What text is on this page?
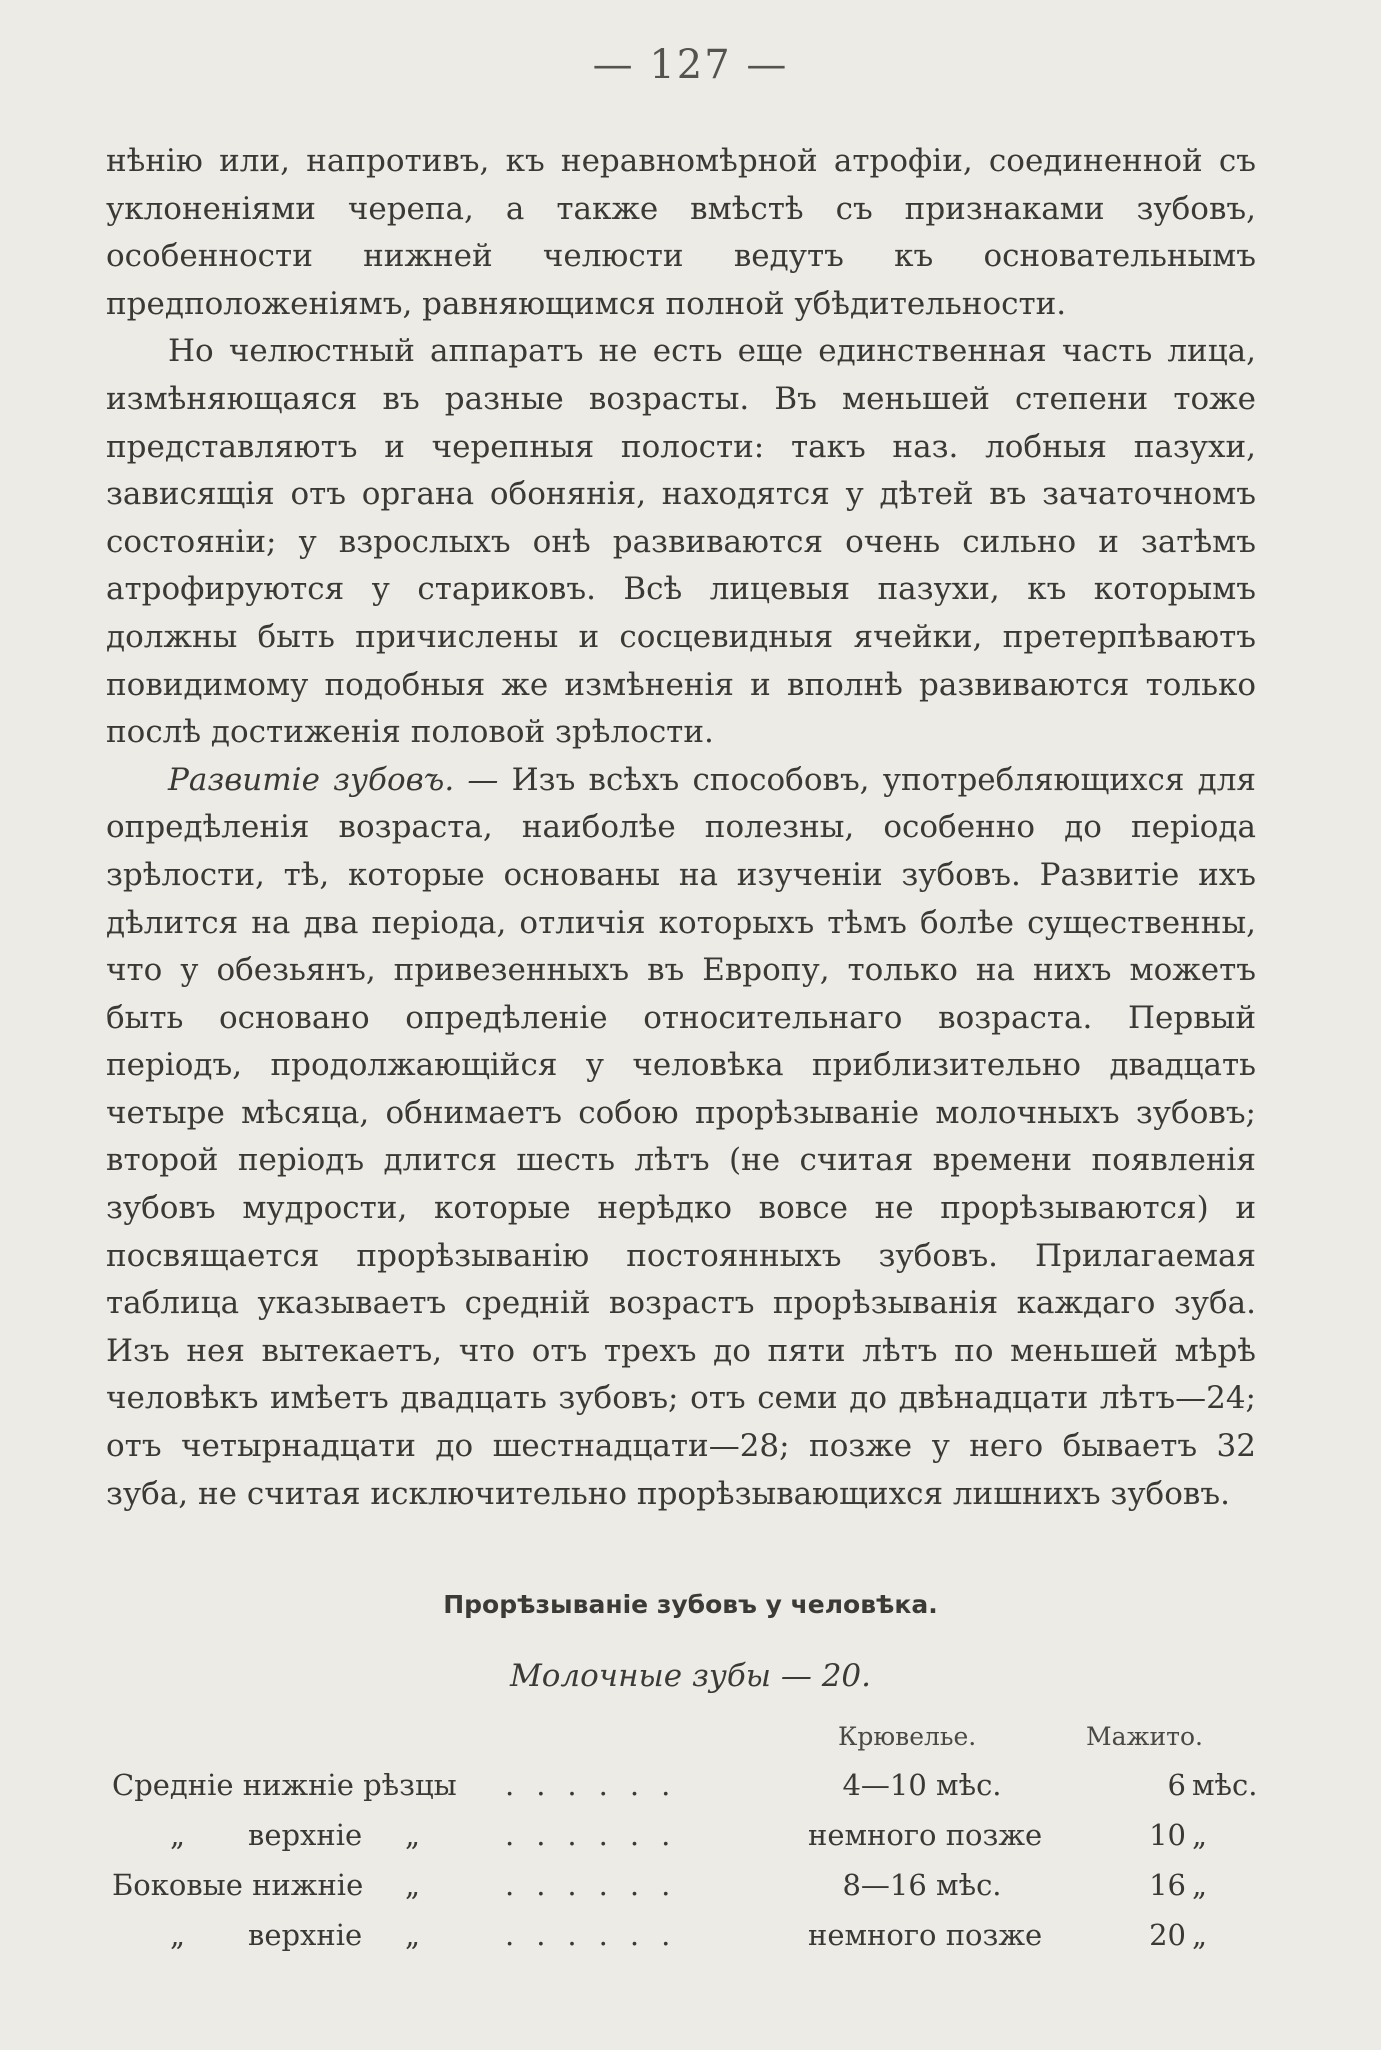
— 127 —

нѣнію или, напротивъ, къ неравномѣрной атрофіи, соединенной съ уклоненіями черепа, а также вмѣстѣ съ признаками зубовъ, особенности нижней челюсти ведутъ къ основательнымъ предположеніямъ, равняющимся полной убѣдительности.

Но челюстный аппаратъ не есть еще единственная часть лица, измѣняющаяся въ разные возрасты. Въ меньшей степени тоже представляютъ и черепныя полости: такъ наз. лобныя пазухи, зависящія отъ органа обонянія, находятся у дѣтей въ зачаточномъ состояніи; у взрослыхъ онѣ развиваются очень сильно и затѣмъ атрофируются у стариковъ. Всѣ лицевыя пазухи, къ которымъ должны быть причислены и сосцевидныя ячейки, претерпѣваютъ повидимому подобныя же измѣненія и вполнѣ развиваются только послѣ достиженія половой зрѣлости.

Развитіе зубовъ. — Изъ всѣхъ способовъ, употребляющихся для опредѣленія возраста, наиболѣе полезны, особенно до періода зрѣлости, тѣ, которые основаны на изученіи зубовъ. Развитіе ихъ дѣлится на два періода, отличія которыхъ тѣмъ болѣе существенны, что у обезьянъ, привезенныхъ въ Европу, только на нихъ можетъ быть основано опредѣленіе относительнаго возраста. Первый періодъ, продолжающійся у человѣка приблизительно двадцать четыре мѣсяца, обнимаетъ собою прорѣзываніе молочныхъ зубовъ; второй періодъ длится шесть лѣтъ (не считая времени появленія зубовъ мудрости, которые нерѣдко вовсе не прорѣзываются) и посвящается прорѣзыванію постоянныхъ зубовъ. Прилагаемая таблица указываетъ средній возрастъ прорѣзыванія каждаго зуба. Изъ нея вытекаетъ, что отъ трехъ до пяти лѣтъ по меньшей мѣрѣ человѣкъ имѣетъ двадцать зубовъ; отъ семи до двѣнадцати лѣтъ—24; отъ четырнадцати до шестнадцати—28; позже у него бываетъ 32 зуба, не считая исключительно прорѣзывающихся лишнихъ зубовъ.

Прорѣзываніе зубовъ у человѣка.
Молочные зубы — 20.
Крювелье.	Мажито.
Средніе нижніе рѣзцы ......	4—10 мѣс.	6 мѣс.
„ верхніе „	......	немного позже	10 „
Боковые нижніе „	......	8—16 мѣс.	16 „
„ верхніе „	......	немного позже	20 „
